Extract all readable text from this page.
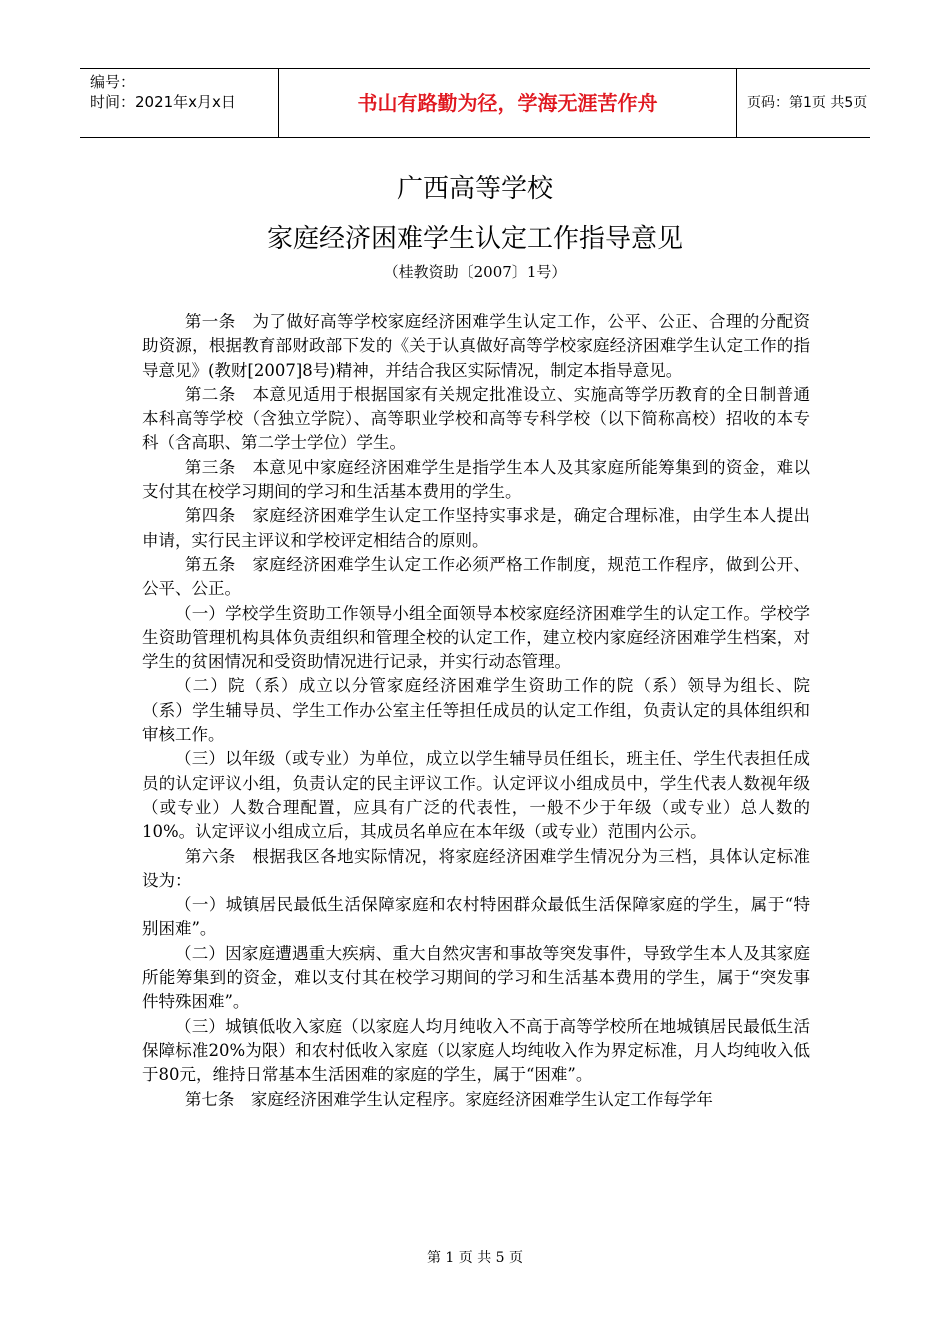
编号：
时间：2021年x月x日	书山有路勤为径，学海无涯苦作舟	页码：第1页 共5页
广西高等学校
家庭经济困难学生认定工作指导意见
（桂教资助〔2007〕1号）

第一条　为了做好高等学校家庭经济困难学生认定工作，公平、公正、合理的分配资助资源，根据教育部财政部下发的《关于认真做好高等学校家庭经济困难学生认定工作的指导意见》(教财[2007]8号)精神，并结合我区实际情况，制定本指导意见。

第二条　本意见适用于根据国家有关规定批准设立、实施高等学历教育的全日制普通本科高等学校（含独立学院）、高等职业学校和高等专科学校（以下简称高校）招收的本专科（含高职、第二学士学位）学生。

第三条　本意见中家庭经济困难学生是指学生本人及其家庭所能筹集到的资金，难以支付其在校学习期间的学习和生活基本费用的学生。

第四条　家庭经济困难学生认定工作坚持实事求是，确定合理标准，由学生本人提出申请，实行民主评议和学校评定相结合的原则。

第五条　家庭经济困难学生认定工作必须严格工作制度，规范工作程序，做到公开、公平、公正。

（一）学校学生资助工作领导小组全面领导本校家庭经济困难学生的认定工作。学校学生资助管理机构具体负责组织和管理全校的认定工作，建立校内家庭经济困难学生档案，对学生的贫困情况和受资助情况进行记录，并实行动态管理。

（二）院（系）成立以分管家庭经济困难学生资助工作的院（系）领导为组长、院（系）学生辅导员、学生工作办公室主任等担任成员的认定工作组，负责认定的具体组织和审核工作。

（三）以年级（或专业）为单位，成立以学生辅导员任组长，班主任、学生代表担任成员的认定评议小组，负责认定的民主评议工作。认定评议小组成员中，学生代表人数视年级（或专业）人数合理配置，应具有广泛的代表性，一般不少于年级（或专业）总人数的10%。认定评议小组成立后，其成员名单应在本年级（或专业）范围内公示。

第六条　根据我区各地实际情况，将家庭经济困难学生情况分为三档，具体认定标准设为：

（一）城镇居民最低生活保障家庭和农村特困群众最低生活保障家庭的学生，属于“特别困难”。

（二）因家庭遭遇重大疾病、重大自然灾害和事故等突发事件，导致学生本人及其家庭所能筹集到的资金，难以支付其在校学习期间的学习和生活基本费用的学生，属于“突发事件特殊困难”。

（三）城镇低收入家庭（以家庭人均月纯收入不高于高等学校所在地城镇居民最低生活保障标准20%为限）和农村低收入家庭（以家庭人均纯收入作为界定标准，月人均纯收入低于80元，维持日常基本生活困难的家庭的学生，属于“困难”。

第七条　家庭经济困难学生认定程序。家庭经济困难学生认定工作每学年

第 1 页 共 5 页
